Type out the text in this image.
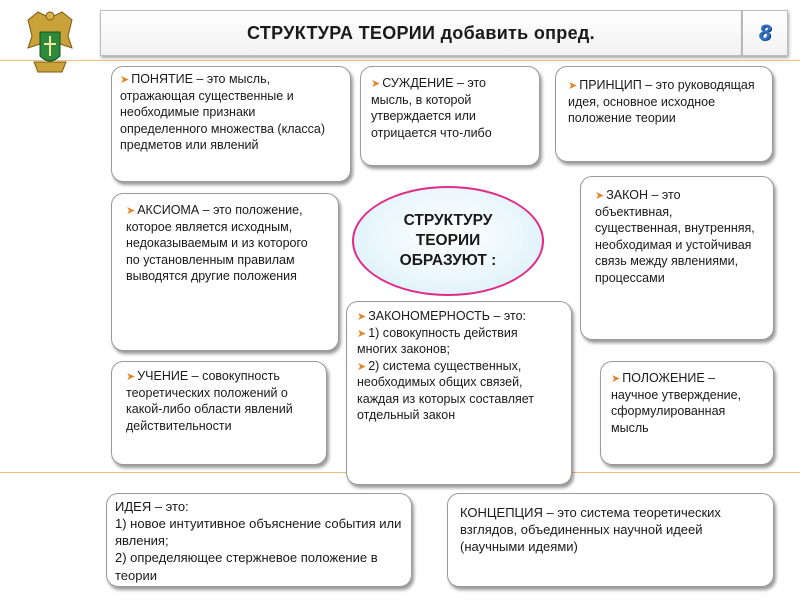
СТРУКТУРА ТЕОРИИ добавить опред.	8

➤ ПОНЯТИЕ – это мысль, отражающая существенные и необходимые признаки определенного множества (класса) предметов или явлений

➤ СУЖДЕНИЕ – это мысль, в которой утверждается или отрицается что-либо

➤ ПРИНЦИП – это руководящая идея, основное исходное положение теории

➤ АКСИОМА – это положение, которое является исходным, недоказываемым и из которого по установленным правилам выводятся другие положения

СТРУКТУРУ ТЕОРИИ ОБРАЗУЮТ :

➤ ЗАКОН – это объективная, существенная, внутренняя, необходимая и устойчивая связь между явлениями, процессами

➤ ЗАКОНОМЕРНОСТЬ – это:

➤ 1) совокупность действия многих законов;

➤ 2) система существенных, необходимых общих связей, каждая из которых составляет отдельный закон

➤ УЧЕНИЕ – совокупность теоретических положений о какой-либо области явлений действительности

➤ ПОЛОЖЕНИЕ – научное утверждение, сформулированная мысль

ИДЕЯ – это:

1) новое интуитивное объяснение события или явления;

2) определяющее стержневое положение в теории

КОНЦЕПЦИЯ – это система теоретических взглядов, объединенных научной идеей (научными идеями)
